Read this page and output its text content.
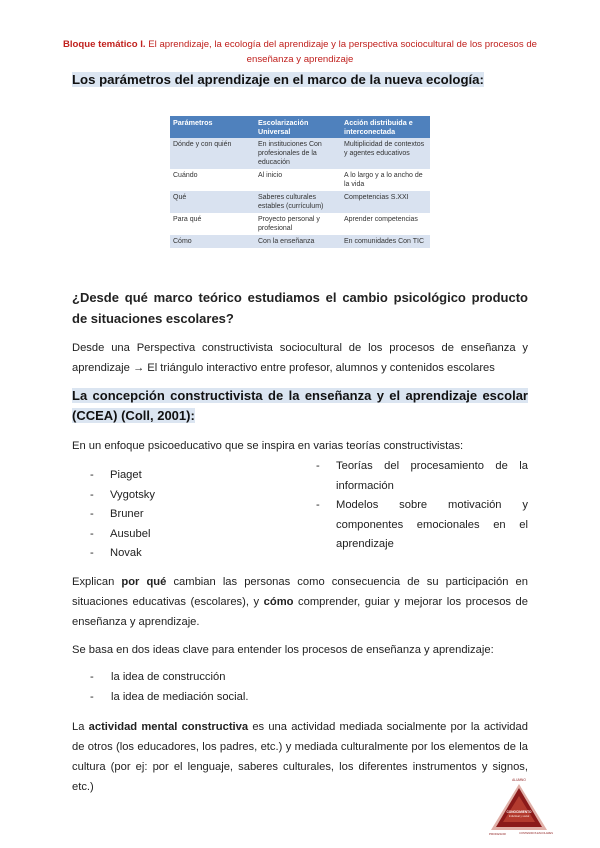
Bloque temático I. El aprendizaje, la ecología del aprendizaje y la perspectiva sociocultural de los procesos de enseñanza y aprendizaje
Los parámetros del aprendizaje en el marco de la nueva ecología:
Parámetros	Escolarización Universal	Acción distribuida e interconectada
Dónde y con quién	En instituciones Con profesionales de la educación	Multiplicidad de contextos y agentes educativos
Cuándo	Al inicio	A lo largo y a lo ancho de la vida
Qué	Saberes culturales estables (currículum)	Competencias S.XXI
Para qué	Proyecto personal y profesional	Aprender competencias
Cómo	Con la enseñanza	En comunidades Con TIC
¿Desde qué marco teórico estudiamos el cambio psicológico producto de situaciones escolares?
Desde una Perspectiva constructivista sociocultural de los procesos de enseñanza y aprendizaje → El triángulo interactivo entre profesor, alumnos y contenidos escolares
La concepción constructivista de la enseñanza y el aprendizaje escolar (CCEA) (Coll, 2001):
En un enfoque psicoeducativo que se inspira en varias teorías constructivistas:
- Piaget
- Vygotsky
- Bruner
- Ausubel
- Novak
- Teorías del procesamiento de la información
- Modelos sobre motivación y componentes emocionales en el aprendizaje
Explican por qué cambian las personas como consecuencia de su participación en situaciones educativas (escolares), y cómo comprender, guiar y mejorar los procesos de enseñanza y aprendizaje.
Se basa en dos ideas clave para entender los procesos de enseñanza y aprendizaje:
- la idea de construcción
- la idea de mediación social.
La actividad mental constructiva es una actividad mediada socialmente por la actividad de otros (los educadores, los padres, etc.) y mediada culturalmente por los elementos de la cultura (por ej: por el lenguaje, saberes culturales, los diferentes instrumentos y signos, etc.)
ALUMNO
CONOCIMIENTO
Individual y social
PROFESOR	CONTENIDOS ESCOLARES
